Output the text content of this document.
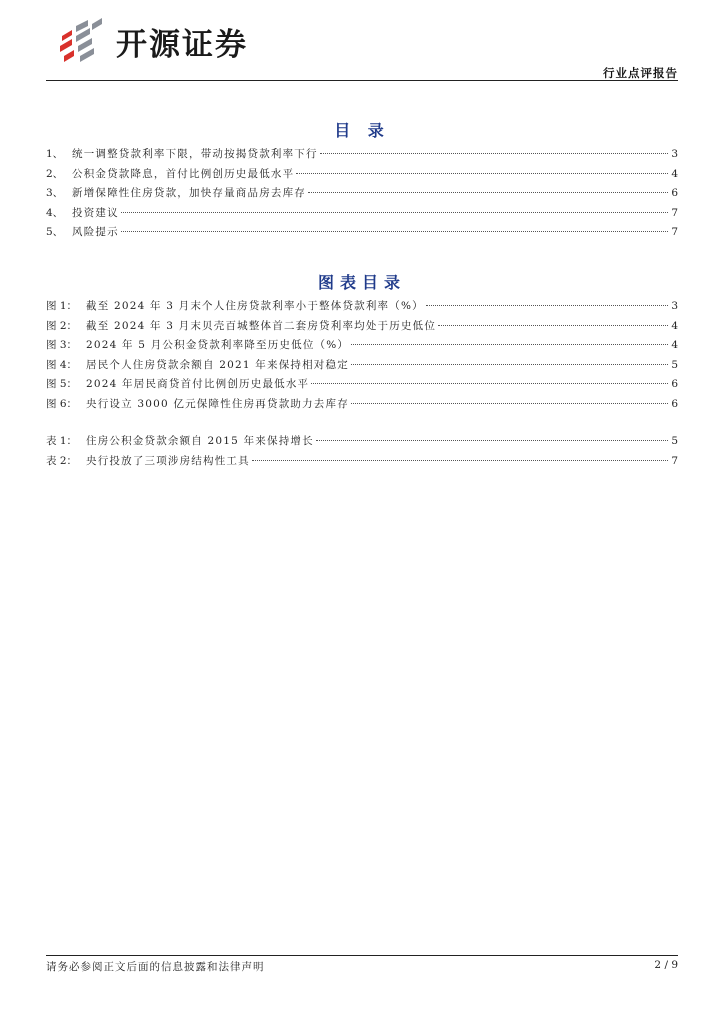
开源证券
行业点评报告
目 录
1、 统一调整贷款利率下限，带动按揭贷款利率下行	3
2、 公积金贷款降息，首付比例创历史最低水平	4
3、 新增保障性住房贷款，加快存量商品房去库存	6
4、 投资建议	7
5、 风险提示	7
图表目录
图 1： 截至 2024 年 3 月末个人住房贷款利率小于整体贷款利率（%）	3
图 2： 截至 2024 年 3 月末贝壳百城整体首二套房贷利率均处于历史低位	4
图 3： 2024 年 5 月公积金贷款利率降至历史低位（%）	4
图 4： 居民个人住房贷款余额自 2021 年来保持相对稳定	5
图 5： 2024 年居民商贷首付比例创历史最低水平	6
图 6： 央行设立 3000 亿元保障性住房再贷款助力去库存	6
表 1： 住房公积金贷款余额自 2015 年来保持增长	5
表 2： 央行投放了三项涉房结构性工具	7
请务必参阅正文后面的信息披露和法律声明	2 / 9
